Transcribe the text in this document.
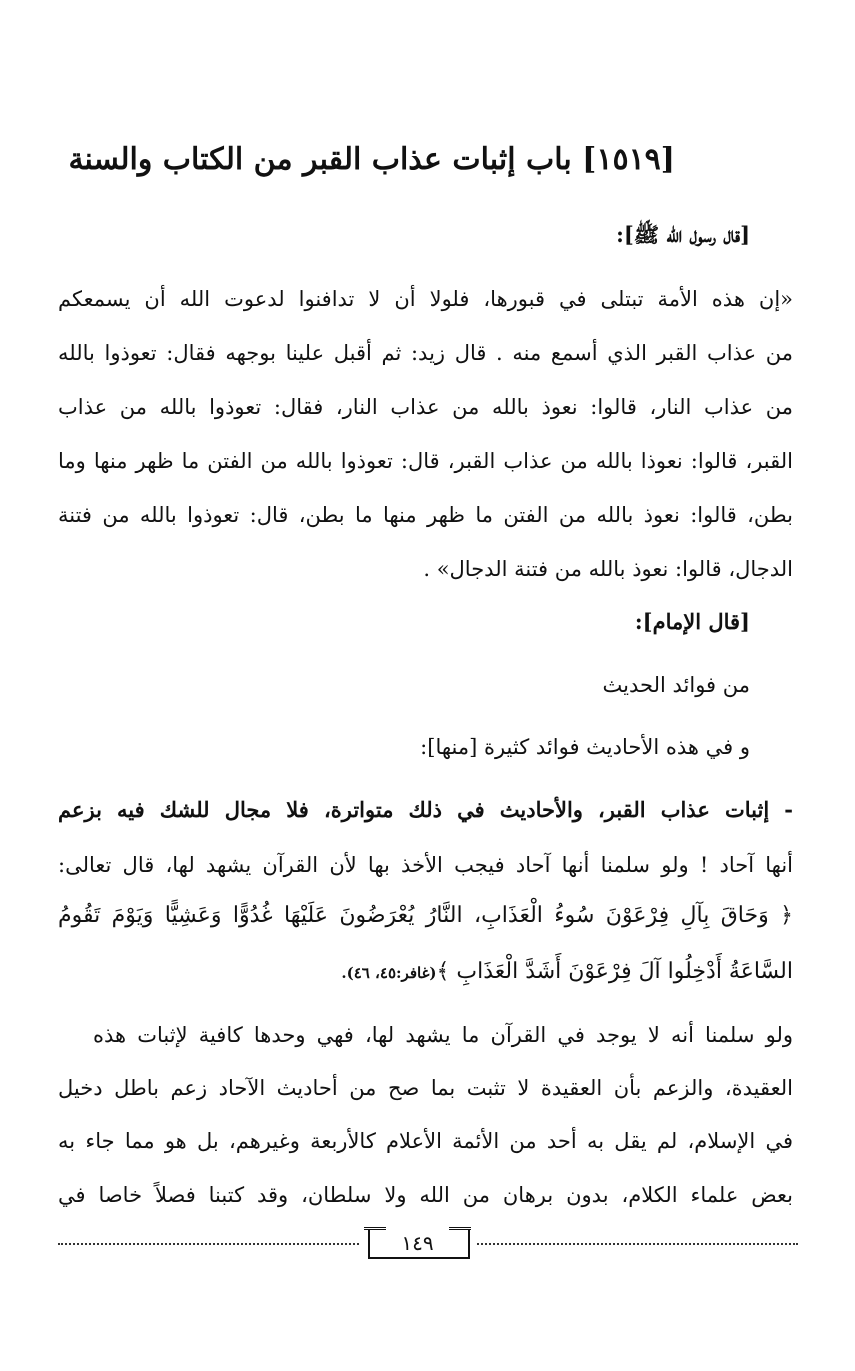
[١٥١٩] باب إثبات عذاب القبر من الكتاب والسنة
[قال رسول الله ﷺ]:
«إن هذه الأمة تبتلى في قبورها، فلولا أن لا تدافنوا لدعوت الله أن يسمعكم
من عذاب القبر الذي أسمع منه . قال زيد: ثم أقبل علينا بوجهه فقال: تعوذوا بالله
من عذاب النار، قالوا: نعوذ بالله من عذاب النار، فقال: تعوذوا بالله من عذاب
القبر، قالوا: نعوذا بالله من عذاب القبر، قال: تعوذوا بالله من الفتن ما ظهر منها وما
بطن، قالوا: نعوذ بالله من الفتن ما ظهر منها ما بطن، قال: تعوذوا بالله من فتنة
الدجال، قالوا: نعوذ بالله من فتنة الدجال» .
[قال الإمام]:
من فوائد الحديث
و في هذه الأحاديث فوائد كثيرة [منها]:
- إثبات عذاب القبر، والأحاديث في ذلك متواترة، فلا مجال للشك فيه بزعم
أنها آحاد ! ولو سلمنا أنها آحاد فيجب الأخذ بها لأن القرآن يشهد لها، قال تعالى:
﴿ وَحَاقَ بِآلِ فِرْعَوْنَ سُوءُ الْعَذَابِ، النَّارُ يُعْرَضُونَ عَلَيْهَا غُدُوًّا وَعَشِيًّا وَيَوْمَ تَقُومُ
السَّاعَةُ أَدْخِلُوا آلَ فِرْعَوْنَ أَشَدَّ الْعَذَابِ ﴾(غافر:٤٥، ٤٦).
ولو سلمنا أنه لا يوجد في القرآن ما يشهد لها، فهي وحدها كافية لإثبات هذه
العقيدة، والزعم بأن العقيدة لا تثبت بما صح من أحاديث الآحاد زعم باطل دخيل
في الإسلام، لم يقل به أحد من الأئمة الأعلام كالأربعة وغيرهم، بل هو مما جاء به
بعض علماء الكلام، بدون برهان من الله ولا سلطان، وقد كتبنا فصلاً خاصا في
١٤٩
